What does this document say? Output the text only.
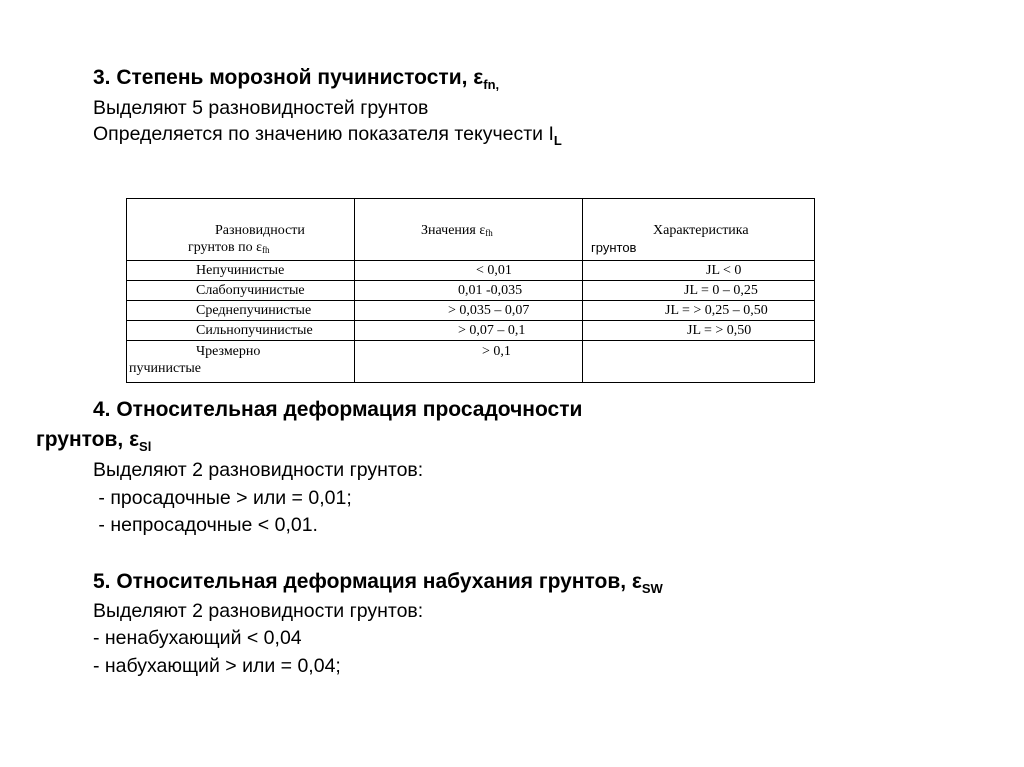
3. Степень морозной пучинистости, $\varepsilon_{fn,}$
Выделяют 5 разновидностей грунтов
Определяется по значению показателя текучести $I_L$
Разновидности
грунтов по $\varepsilon_{fh}$	Значения $\varepsilon_{fh}$	Характеристика
грунтов

Непучинистые	< 0,01	JL < 0

Слабопучинистые	0,01 -0,035	JL = 0 – 0,25

Среднепучинистые	> 0,035 – 0,07	JL = > 0,25 – 0,50

Сильнопучинистые	> 0,07 – 0,1	JL = > 0,50

Чрезмерно
пучинистые	> 0,1	

4. Относительная деформация просадочности
грунтов, $\varepsilon_{Sl}$
Выделяют 2 разновидности грунтов:
- просадочные > или = 0,01;
- непросадочные < 0,01.
5. Относительная деформация набухания грунтов, $\varepsilon_{SW}$
Выделяют 2 разновидности грунтов:
- ненабухающий < 0,04
- набухающий > или = 0,04;
